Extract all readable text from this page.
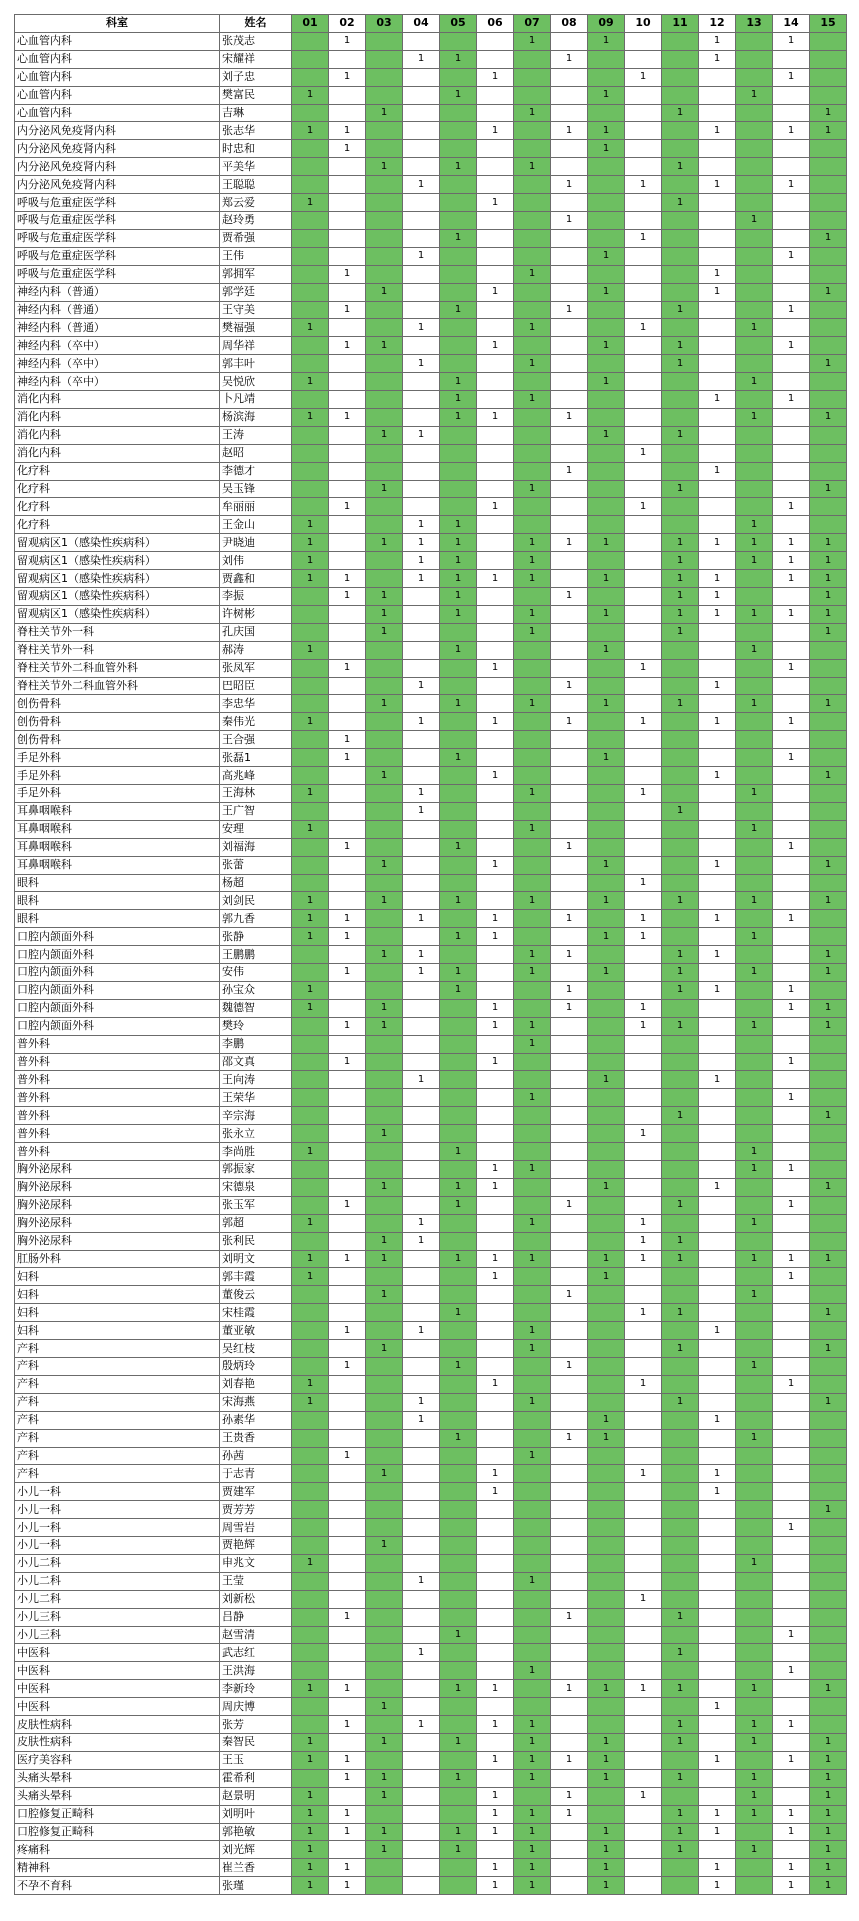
科室	姓名	01	02	03	04	05	06	07	08	09	10	11	12	13	14	15
心血管内科	张茂志		1					1		1			1		1	
心血管内科	宋耀祥				1	1			1				1			
心血管内科	刘子忠		1				1				1				1	
心血管内科	樊富民	1				1				1				1		
心血管内科	吉琳			1				1				1				1
内分泌风免疫肾内科	张志华	1	1				1		1	1			1		1	1
内分泌风免疫肾内科	时忠和		1							1						
内分泌风免疫肾内科	平美华			1		1		1				1				
内分泌风免疫肾内科	王聪聪				1				1		1		1		1	
呼吸与危重症医学科	郑云爱	1					1					1				
呼吸与危重症医学科	赵玲勇								1					1		
呼吸与危重症医学科	贾希强					1					1					1
呼吸与危重症医学科	王伟				1					1					1	
呼吸与危重症医学科	郭拥军		1					1					1			
神经内科（普通）	郭学廷			1			1			1			1			1
神经内科（普通）	王守美		1			1			1			1			1	
神经内科（普通）	樊福强	1			1			1			1			1		
神经内科（卒中）	周华祥		1	1			1			1		1			1	
神经内科（卒中）	郭丰叶				1			1				1				1
神经内科（卒中）	吴悦欣	1				1				1				1		
消化内科	卜凡靖					1		1					1		1	
消化内科	杨滨海	1	1			1	1		1					1		1
消化内科	王涛			1	1					1		1				
消化内科	赵昭										1					
化疗科	李德才								1				1			
化疗科	吴玉锋			1				1				1				1
化疗科	牟丽丽		1				1				1				1	
化疗科	王金山	1			1	1								1		
留观病区1（感染性疾病科）	尹晓迪	1		1	1	1		1	1	1		1	1	1	1	1
留观病区1（感染性疾病科）	刘伟	1			1	1		1				1		1	1	1
留观病区1（感染性疾病科）	贾鑫和	1	1		1	1	1	1		1		1	1		1	1
留观病区1（感染性疾病科）	李振		1	1		1			1			1	1			1
留观病区1（感染性疾病科）	许树彬			1		1		1		1		1	1	1	1	1
脊柱关节外一科	孔庆国			1				1				1				1
脊柱关节外一科	郝涛	1				1				1				1		
脊柱关节外二科血管外科	张凤军		1				1				1				1	
脊柱关节外二科血管外科	巴昭臣				1				1				1			
创伤骨科	李忠华			1		1		1		1		1		1		1
创伤骨科	秦伟光	1			1		1		1		1		1		1	
创伤骨科	王合强		1													
手足外科	张磊1		1			1				1					1	
手足外科	高兆峰			1			1						1			1
手足外科	王海林	1			1			1			1			1		
耳鼻咽喉科	王广智				1							1				
耳鼻咽喉科	安理	1						1						1		
耳鼻咽喉科	刘福海		1			1			1						1	
耳鼻咽喉科	张蕾			1			1			1			1			1
眼科	杨超										1					
眼科	刘剑民	1		1		1		1		1		1		1		1
眼科	郭九香	1	1		1		1		1		1		1		1	
口腔内颌面外科	张静	1	1			1	1			1	1			1		
口腔内颌面外科	王鹏鹏			1	1			1	1			1	1			1
口腔内颌面外科	安伟		1		1	1		1		1		1		1		1
口腔内颌面外科	孙宝众	1				1			1			1	1		1	
口腔内颌面外科	魏德智	1		1			1		1		1				1	1
口腔内颌面外科	樊玲		1	1			1	1			1	1		1		1
普外科	李鹏							1								
普外科	邵文真		1				1								1	
普外科	王向涛				1					1			1			
普外科	王荣华							1							1	
普外科	辛宗海											1				1
普外科	张永立			1							1					
普外科	李尚胜	1				1								1		
胸外泌尿科	郭振家						1	1						1	1	
胸外泌尿科	宋德泉			1		1	1			1			1			1
胸外泌尿科	张玉军		1			1			1			1			1	
胸外泌尿科	郭超	1			1			1			1			1		
胸外泌尿科	张利民			1	1						1	1				
肛肠外科	刘明文	1	1	1		1	1	1		1	1	1		1	1	1
妇科	郭丰霞	1					1			1					1	
妇科	董俊云			1					1					1		
妇科	宋桂霞					1					1	1				1
妇科	董亚敏		1		1			1					1			
产科	吴红枝			1				1				1				1
产科	殷炳玲		1			1			1					1		
产科	刘春艳	1					1				1				1	
产科	宋海燕	1			1			1				1				1
产科	孙素华				1					1			1			
产科	王贵香					1			1	1				1		
产科	孙茜		1					1								
产科	于志青			1			1				1		1			
小儿一科	贾建军						1						1			
小儿一科	贾芳芳															1
小儿一科	周雪岩														1	
小儿一科	贾艳辉			1												
小儿二科	申兆文	1												1		
小儿二科	王莹				1			1								
小儿二科	刘新松										1					
小儿三科	吕静		1						1			1				
小儿三科	赵雪清					1									1	
中医科	武志红				1							1				
中医科	王洪海							1							1	
中医科	李新玲	1	1			1	1		1	1	1	1		1		1
中医科	周庆博			1									1			
皮肤性病科	张芳		1		1		1	1				1		1	1	
皮肤性病科	秦智民	1		1		1		1		1		1		1		1
医疗美容科	王玉	1	1				1	1	1	1			1		1	1
头痛头晕科	霍希利		1	1		1		1		1		1		1		1
头痛头晕科	赵景明	1		1			1		1		1			1		1
口腔修复正畸科	刘明叶	1	1				1	1	1			1	1	1	1	1
口腔修复正畸科	郭艳敏	1	1	1		1	1	1		1		1	1		1	1
疼痛科	刘光辉	1		1		1		1		1		1		1		1
精神科	崔兰香	1	1				1	1		1			1		1	1
不孕不育科	张瑾	1	1				1	1		1			1		1	1
